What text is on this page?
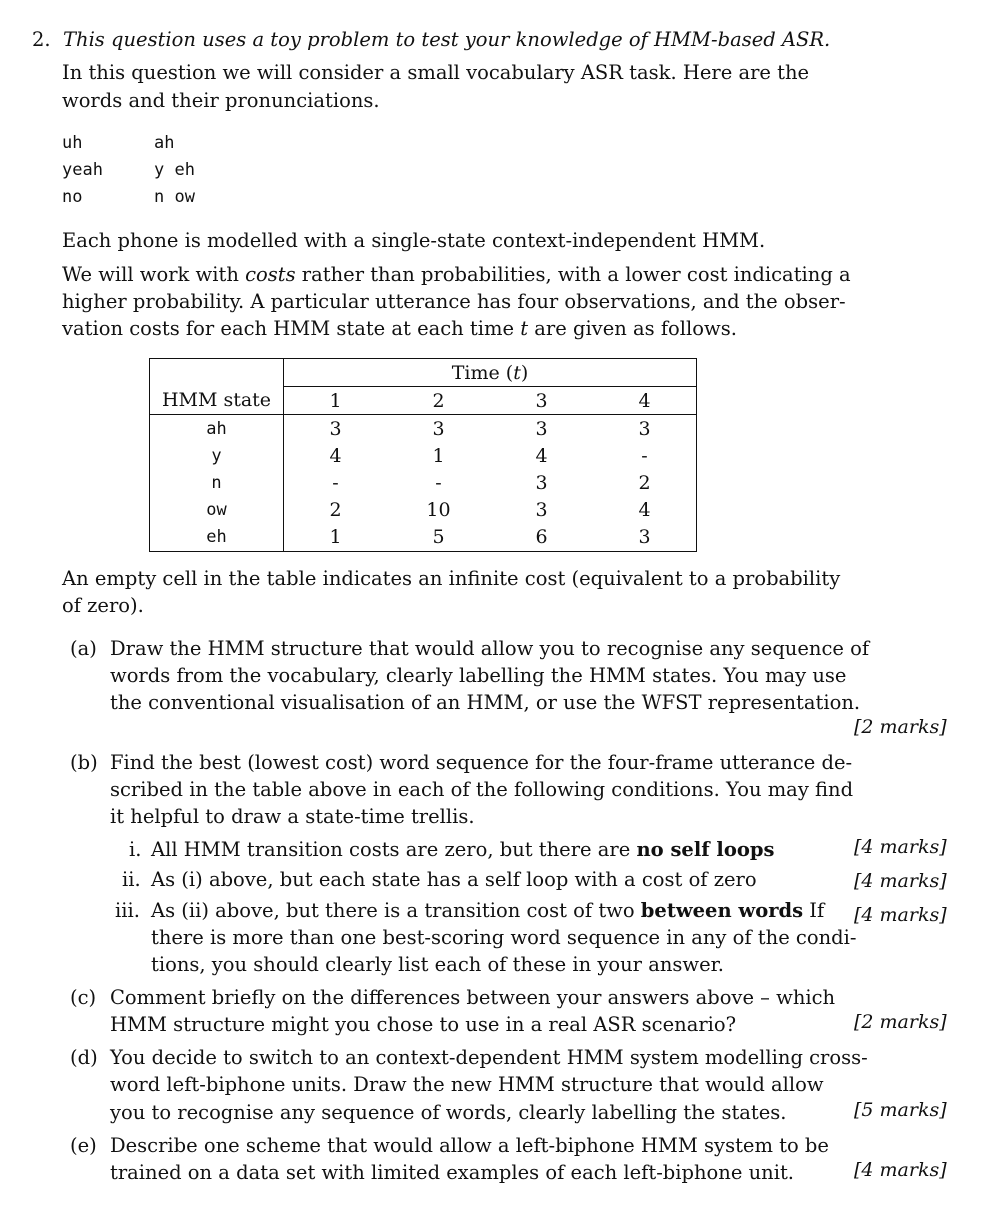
2. This question uses a toy problem to test your knowledge of HMM-based ASR.
In this question we will consider a small vocabulary ASR task. Here are the
words and their pronunciations.
uh	ah
yeah	y eh
no	n ow
Each phone is modelled with a single-state context-independent HMM.
We will work with costs rather than probabilities, with a lower cost indicating a
higher probability. A particular utterance has four observations, and the obser-
vation costs for each HMM state at each time t are given as follows.
	Time (t)			
HMM state	1	2	3	4
ah	3	3	3	3
y	4	1	4	-
n	-	-	3	2
ow	2	10	3	4
eh	1	5	6	3
An empty cell in the table indicates an infinite cost (equivalent to a probability
of zero).
(a) Draw the HMM structure that would allow you to recognise any sequence of
words from the vocabulary, clearly labelling the HMM states. You may use
the conventional visualisation of an HMM, or use the WFST representation.
[2 marks]
(b) Find the best (lowest cost) word sequence for the four-frame utterance de-
scribed in the table above in each of the following conditions. You may find
it helpful to draw a state-time trellis.
i. All HMM transition costs are zero, but there are no self loops	[4 marks]
ii. As (i) above, but each state has a self loop with a cost of zero	[4 marks]
iii. As (ii) above, but there is a transition cost of two between words If
there is more than one best-scoring word sequence in any of the condi-
tions, you should clearly list each of these in your answer.
[4 marks]
(c) Comment briefly on the differences between your answers above – which
HMM structure might you chose to use in a real ASR scenario?	[2 marks]
(d) You decide to switch to an context-dependent HMM system modelling cross-
word left-biphone units. Draw the new HMM structure that would allow
you to recognise any sequence of words, clearly labelling the states.	[5 marks]
(e) Describe one scheme that would allow a left-biphone HMM system to be
trained on a data set with limited examples of each left-biphone unit.	[4 marks]
